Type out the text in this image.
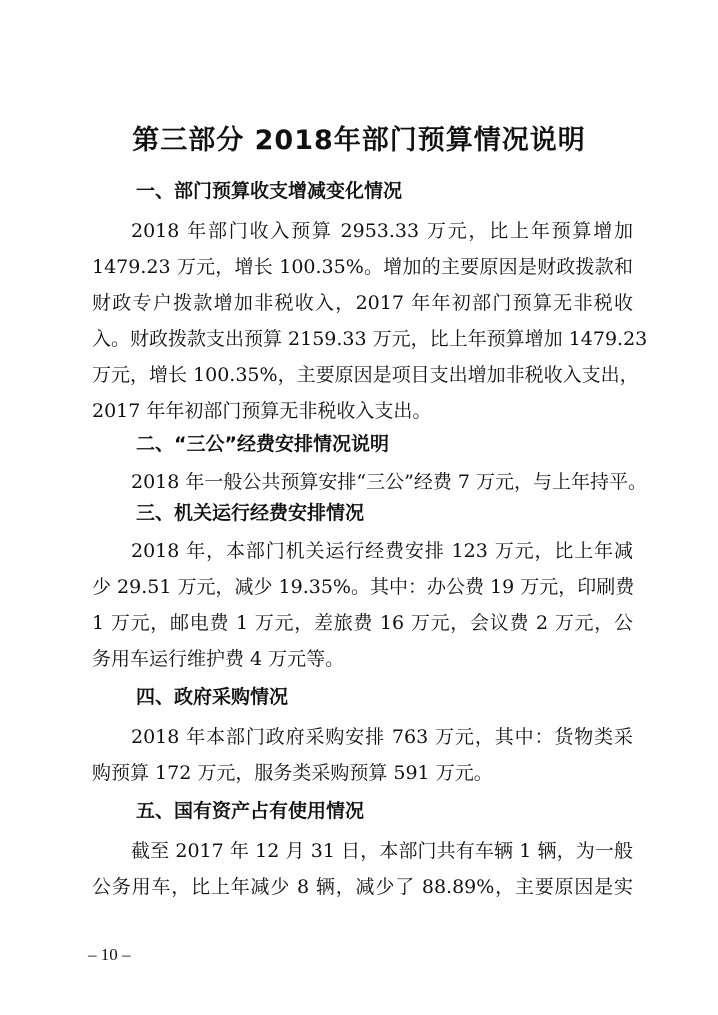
第三部分 2018年部门预算情况说明
一、部门预算收支增减变化情况
2018 年部门收入预算 2953.33 万元，比上年预算增加
1479.23 万元，增长 100.35%。增加的主要原因是财政拨款和
财政专户拨款增加非税收入，2017 年年初部门预算无非税收
入。财政拨款支出预算 2159.33 万元，比上年预算增加 1479.23
万元，增长 100.35%，主要原因是项目支出增加非税收入支出，
2017 年年初部门预算无非税收入支出。
二、“三公”经费安排情况说明
2018 年一般公共预算安排“三公”经费 7 万元，与上年持平。
三、机关运行经费安排情况
2018 年，本部门机关运行经费安排 123 万元，比上年减
少 29.51 万元，减少 19.35%。其中：办公费 19 万元，印刷费
1 万元，邮电费 1 万元，差旅费 16 万元，会议费 2 万元，公
务用车运行维护费 4 万元等。
四、政府采购情况
2018 年本部门政府采购安排 763 万元，其中：货物类采
购预算 172 万元，服务类采购预算 591 万元。
五、国有资产占有使用情况
截至 2017 年 12 月 31 日，本部门共有车辆 1 辆，为一般
公务用车，比上年减少 8 辆，减少了 88.89%，主要原因是实
– 10 –
